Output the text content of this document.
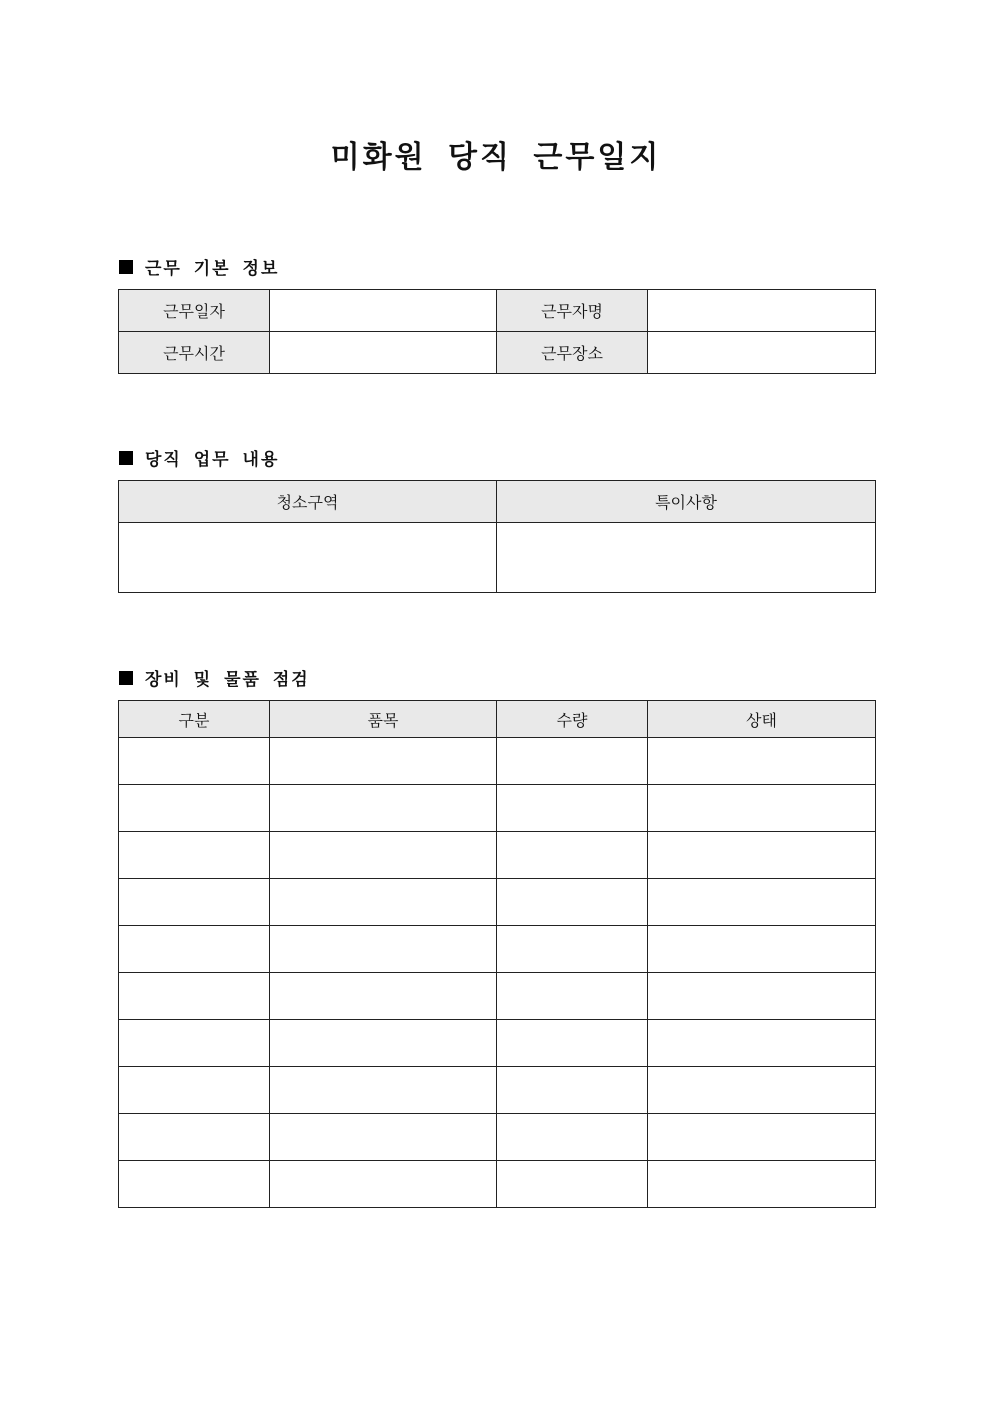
미화원 당직 근무일지
근무 기본 정보
근무일자		근무자명	
근무시간		근무장소	
당직 업무 내용
청소구역	특이사항

장비 및 물품 점검
구분	품목	수량	상태
